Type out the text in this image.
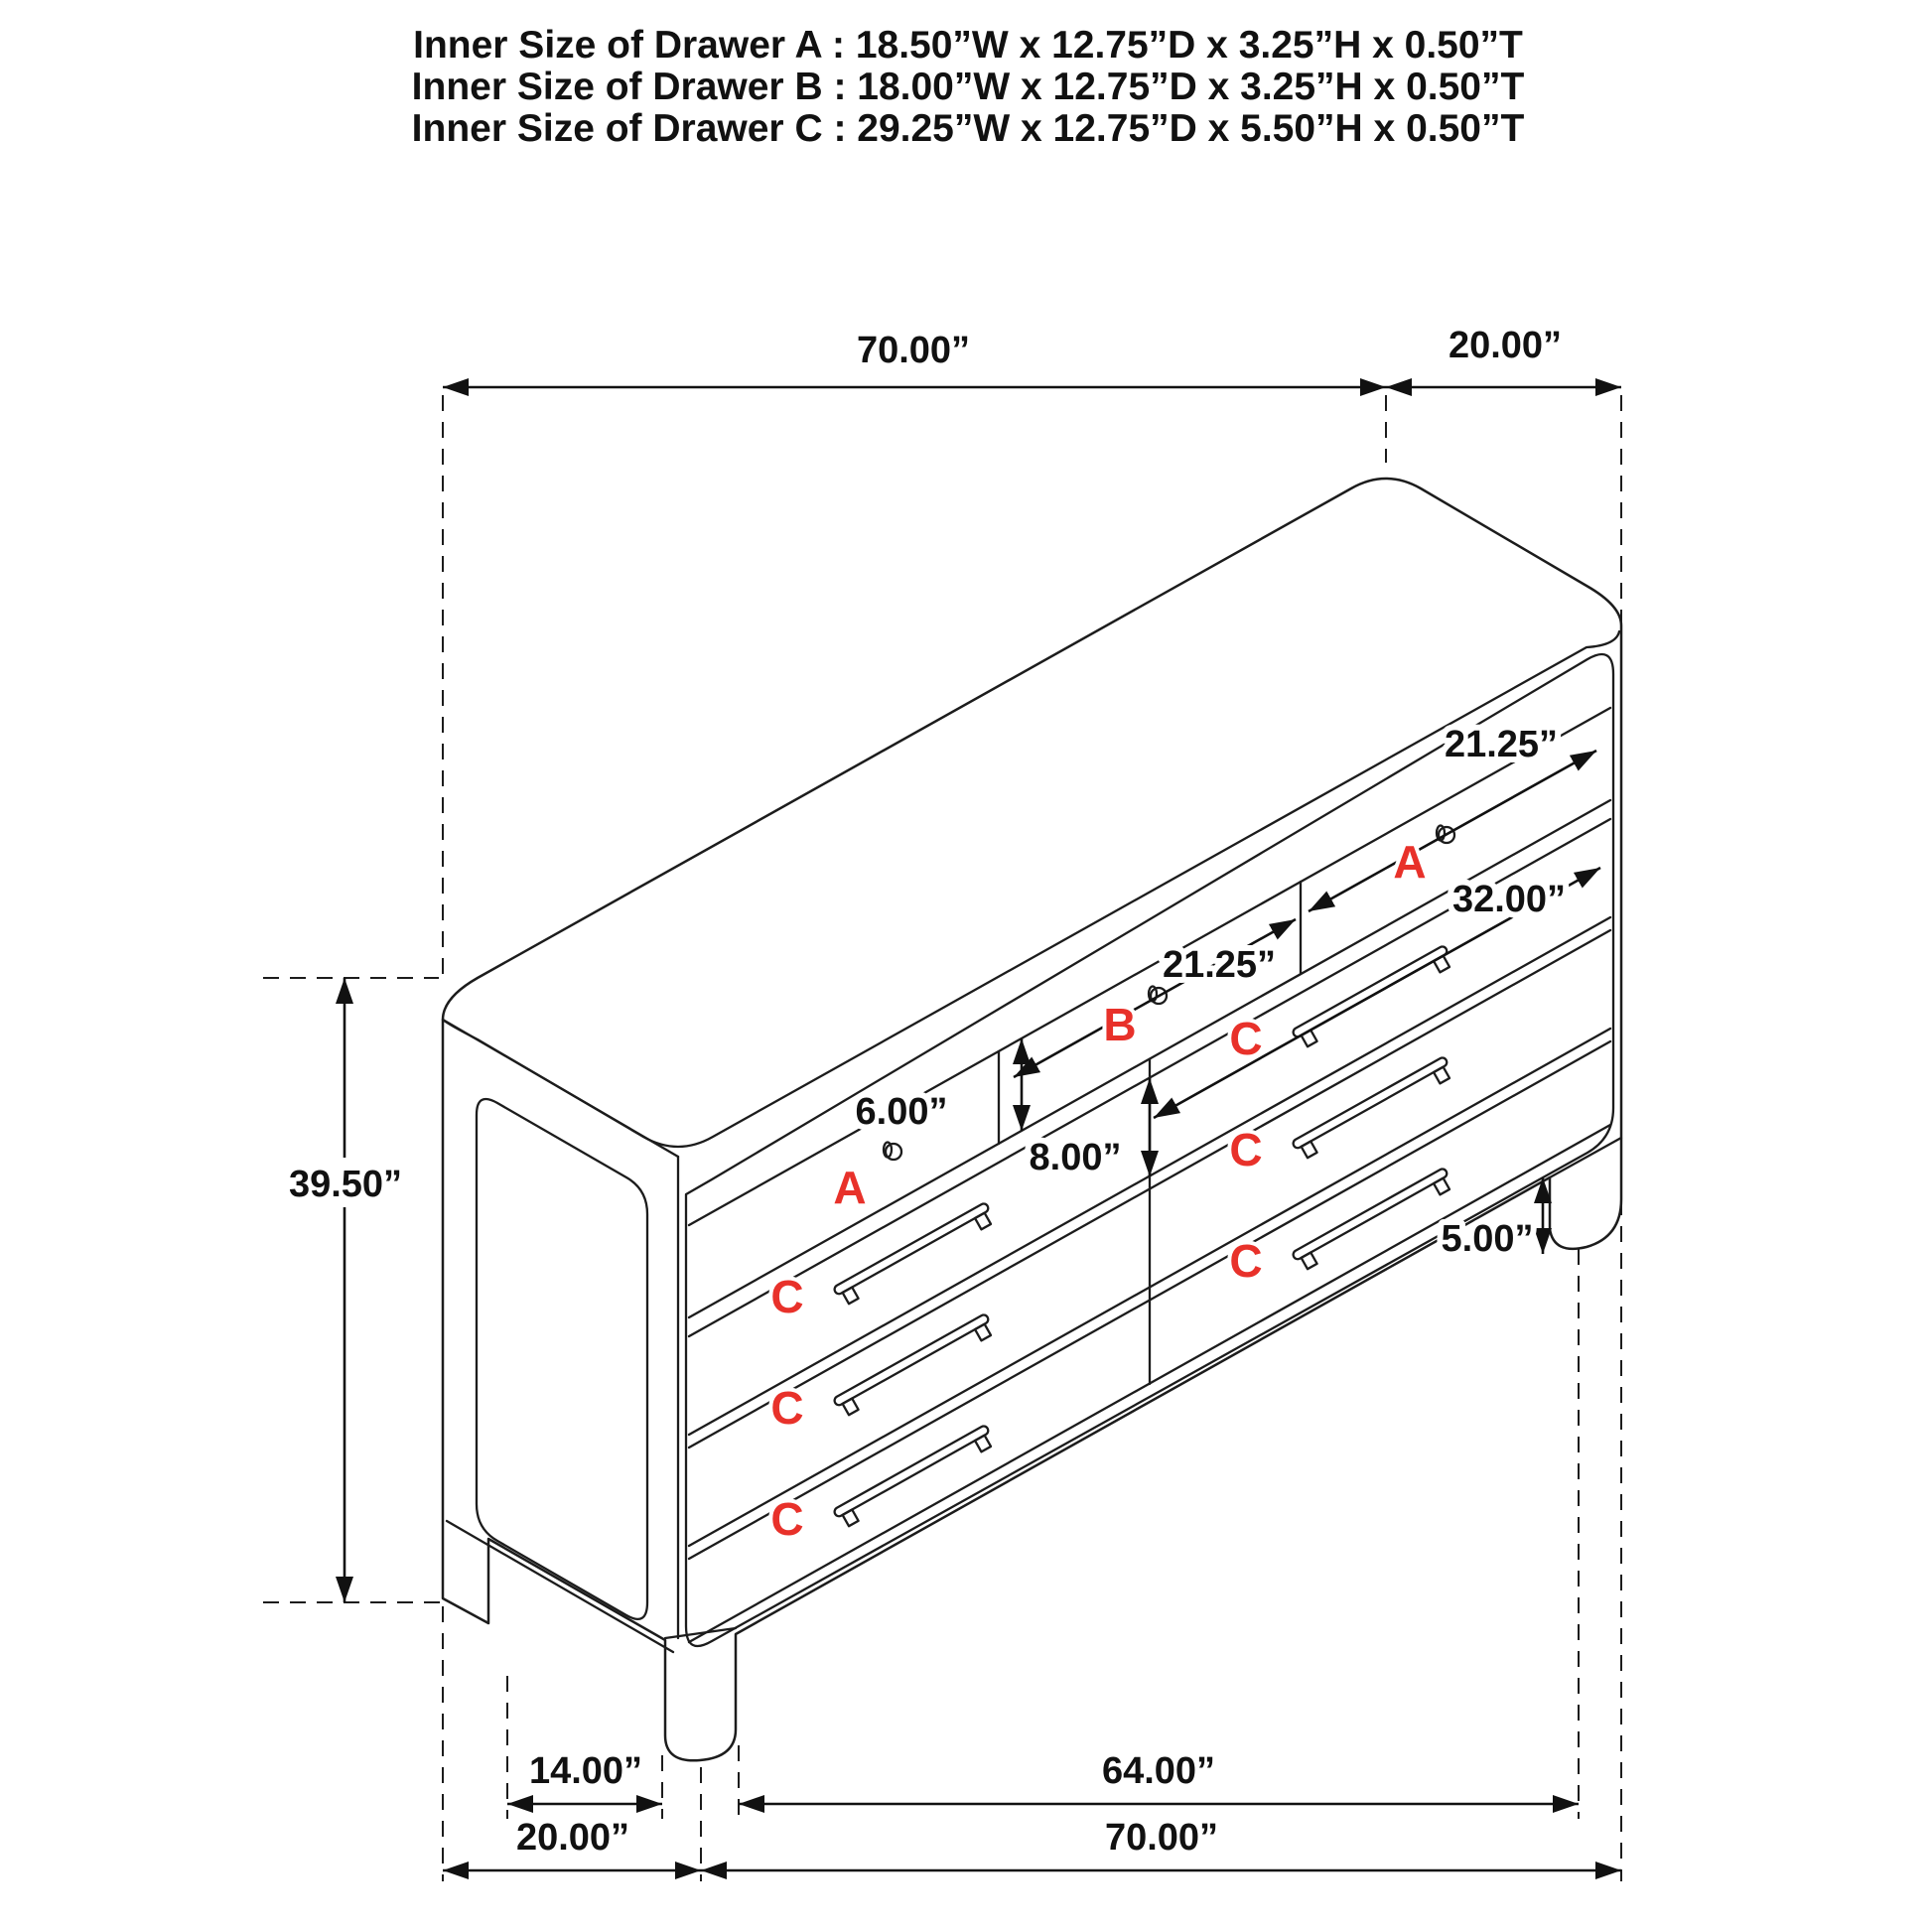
Inner Size of Drawer A : 18.50”W x 12.75”D x 3.25”H x 0.50”T
Inner Size of Drawer B : 18.00”W x 12.75”D x 3.25”H x 0.50”T
Inner Size of Drawer C : 29.25”W x 12.75”D x 5.50”H x 0.50”T
70.00”	20.00”
39.50”
21.25”
21.25”
32.00”
6.00”
8.00”
5.00”
14.00”	64.00”
20.00”	70.00”
A
B
A
C
C
C
C
C
C
